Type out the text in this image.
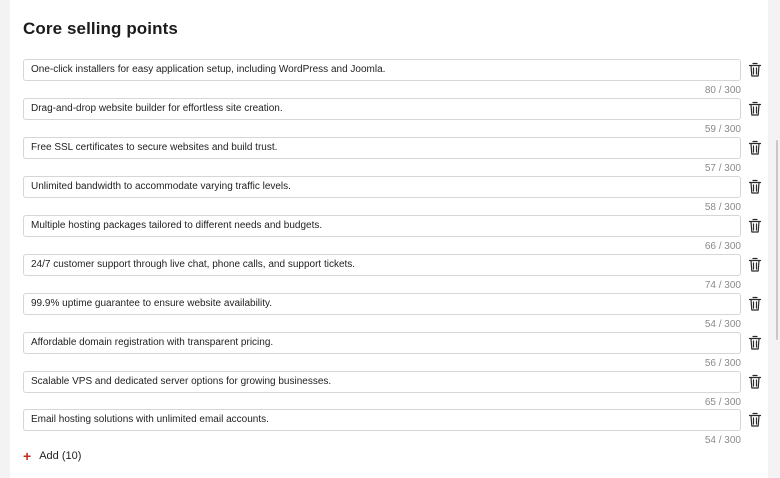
Core selling points
One-click installers for easy application setup, including WordPress and Joomla.
80 / 300
Drag-and-drop website builder for effortless site creation.
59 / 300
Free SSL certificates to secure websites and build trust.
57 / 300
Unlimited bandwidth to accommodate varying traffic levels.
58 / 300
Multiple hosting packages tailored to different needs and budgets.
66 / 300
24/7 customer support through live chat, phone calls, and support tickets.
74 / 300
99.9% uptime guarantee to ensure website availability.
54 / 300
Affordable domain registration with transparent pricing.
56 / 300
Scalable VPS and dedicated server options for growing businesses.
65 / 300
Email hosting solutions with unlimited email accounts.
54 / 300
+ Add (10)
